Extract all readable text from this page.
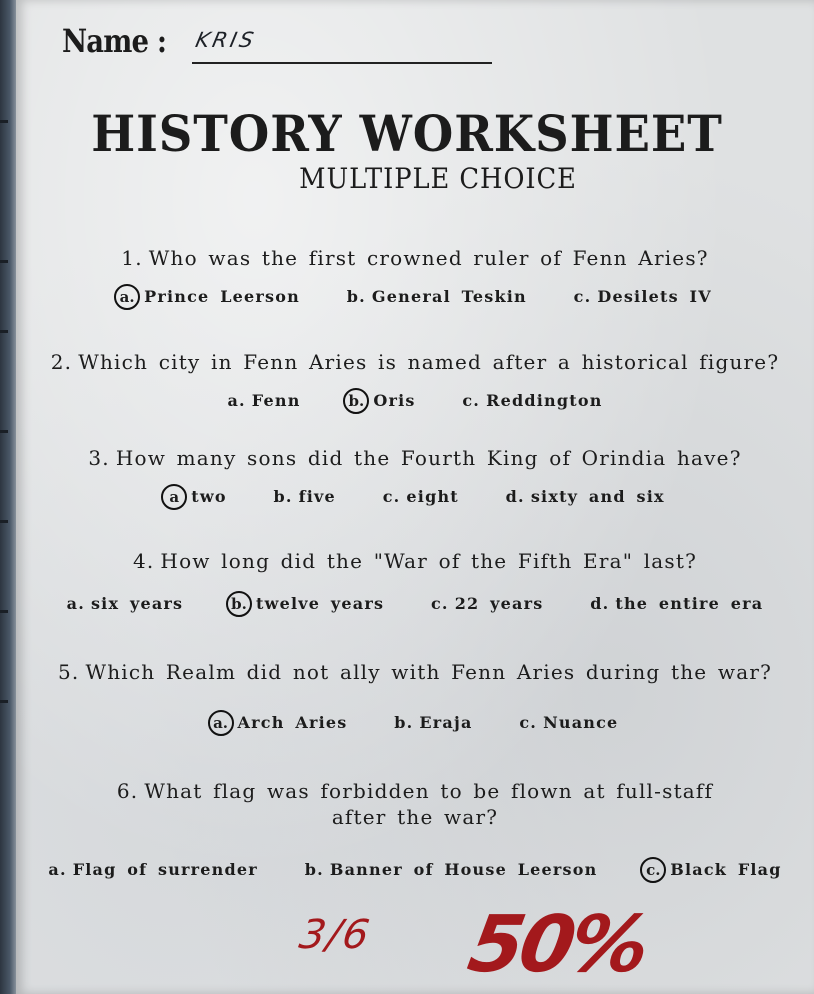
Name : KRIS
HISTORY WORKSHEET
MULTIPLE CHOICE
1. Who was the first crowned ruler of Fenn Aries?
a. Prince Leerson	b. General Teskin	c. Desilets IV
2. Which city in Fenn Aries is named after a historical figure?
a. Fenn	b. Oris	c. Reddington
3. How many sons did the Fourth King of Orindia have?
a two	b. five	c. eight	d. sixty and six
4. How long did the "War of the Fifth Era" last?
a. six years	b. twelve years	c. 22 years	d. the entire era
5. Which Realm did not ally with Fenn Aries during the war?
a. Arch Aries	b. Eraja	c. Nuance
6. What flag was forbidden to be flown at full-staff
after the war?
a. Flag of surrender	b. Banner of House Leerson	c. Black Flag
3/6 50%
